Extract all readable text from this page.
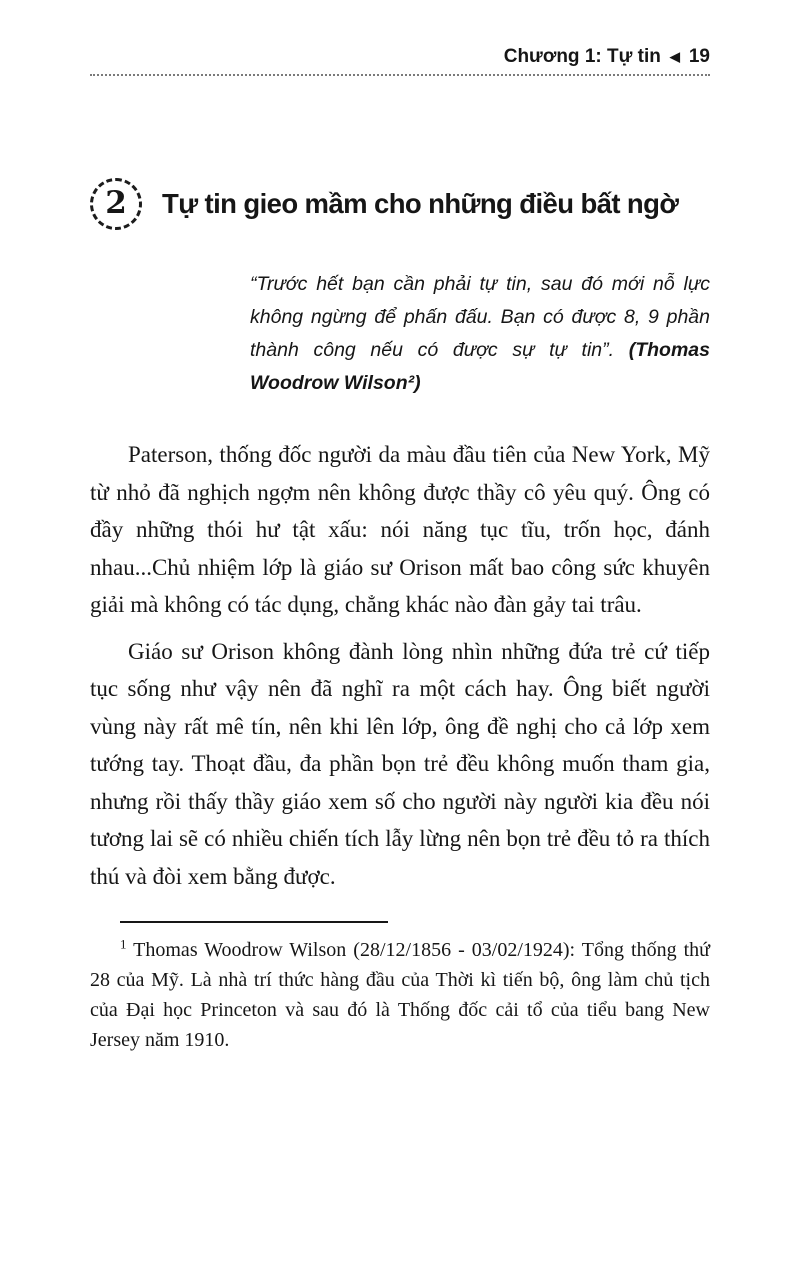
Chương 1: Tự tin ◀ 19
2 Tự tin gieo mầm cho những điều bất ngờ
“Trước hết bạn cần phải tự tin, sau đó mới nỗ lực không ngừng để phấn đấu. Bạn có được 8, 9 phần thành công nếu có được sự tự tin”. (Thomas Woodrow Wilson²)

Paterson, thống đốc người da màu đầu tiên của New York, Mỹ từ nhỏ đã nghịch ngợm nên không được thầy cô yêu quý. Ông có đầy những thói hư tật xấu: nói năng tục tĩu, trốn học, đánh nhau...Chủ nhiệm lớp là giáo sư Orison mất bao công sức khuyên giải mà không có tác dụng, chẳng khác nào đàn gảy tai trâu.

Giáo sư Orison không đành lòng nhìn những đứa trẻ cứ tiếp tục sống như vậy nên đã nghĩ ra một cách hay. Ông biết người vùng này rất mê tín, nên khi lên lớp, ông đề nghị cho cả lớp xem tướng tay. Thoạt đầu, đa phần bọn trẻ đều không muốn tham gia, nhưng rồi thấy thầy giáo xem số cho người này người kia đều nói tương lai sẽ có nhiều chiến tích lẫy lừng nên bọn trẻ đều tỏ ra thích thú và đòi xem bằng được.

$^1$ Thomas Woodrow Wilson (28/12/1856 - 03/02/1924): Tổng thống thứ 28 của Mỹ. Là nhà trí thức hàng đầu của Thời kì tiến bộ, ông làm chủ tịch của Đại học Princeton và sau đó là Thống đốc cải tổ của tiểu bang New Jersey năm 1910.
